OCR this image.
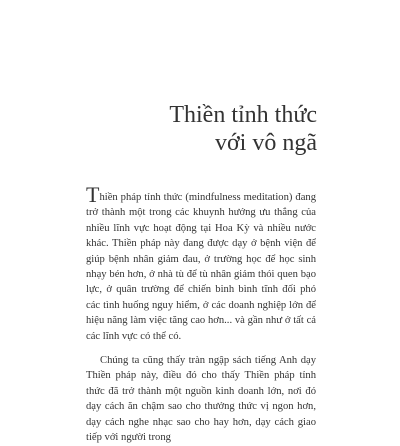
Thiền tỉnh thức
với vô ngã

Thiền pháp tỉnh thức (mindfulness meditation) đang trở thành một trong các khuynh hướng ưu thắng của nhiều lĩnh vực hoạt động tại Hoa Kỳ và nhiều nước khác. Thiền pháp này đang được dạy ở bệnh viện để giúp bệnh nhân giảm đau, ở trường học để học sinh nhạy bén hơn, ở nhà tù để tù nhân giảm thói quen bạo lực, ở quân trường để chiến binh bình tĩnh đối phó các tình huống nguy hiểm, ở các doanh nghiệp lớn để hiệu năng làm việc tăng cao hơn... và gần như ở tất cả các lĩnh vực có thể có.

Chúng ta cũng thấy tràn ngập sách tiếng Anh dạy Thiền pháp này, điều đó cho thấy Thiền pháp tỉnh thức đã trở thành một nguồn kinh doanh lớn, nơi đó dạy cách ăn chậm sao cho thưởng thức vị ngon hơn, dạy cách nghe nhạc sao cho hay hơn, dạy cách giao tiếp với người trong
